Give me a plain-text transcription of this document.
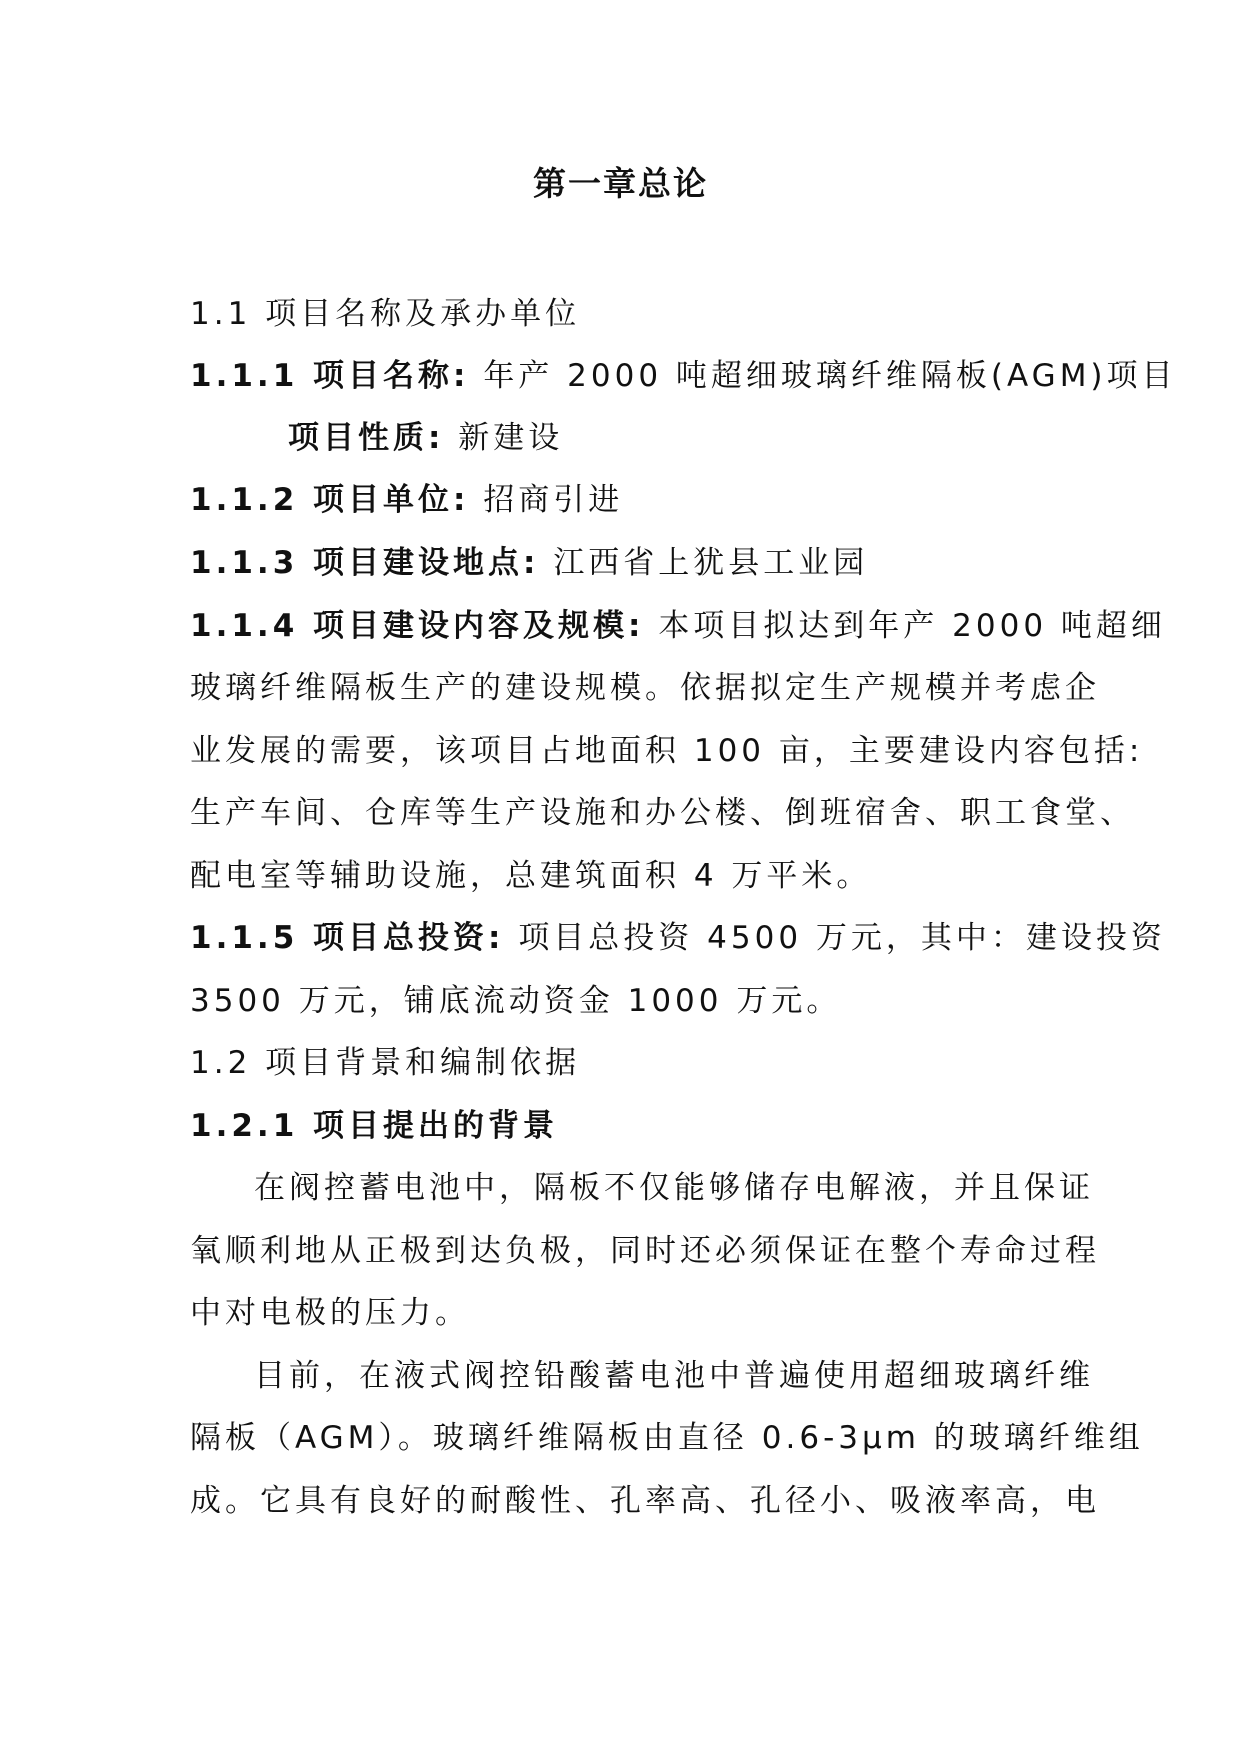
第一章总论
1.1 项目名称及承办单位
1.1.1 项目名称: 年产 2000 吨超细玻璃纤维隔板(AGM)项目
项目性质: 新建设
1.1.2 项目单位: 招商引进
1.1.3 项目建设地点: 江西省上犹县工业园
1.1.4 项目建设内容及规模: 本项目拟达到年产 2000 吨超细
玻璃纤维隔板生产的建设规模。依据拟定生产规模并考虑企
业发展的需要，该项目占地面积 100 亩，主要建设内容包括:
生产车间、仓库等生产设施和办公楼、倒班宿舍、职工食堂、
配电室等辅助设施，总建筑面积 4 万平米。
1.1.5 项目总投资: 项目总投资 4500 万元，其中：建设投资
3500 万元，铺底流动资金 1000 万元。
1.2 项目背景和编制依据
1.2.1 项目提出的背景
在阀控蓄电池中，隔板不仅能够储存电解液，并且保证
氧顺利地从正极到达负极，同时还必须保证在整个寿命过程
中对电极的压力。
目前，在液式阀控铅酸蓄电池中普遍使用超细玻璃纤维
隔板（AGM）。玻璃纤维隔板由直径 0.6-3μm 的玻璃纤维组
成。它具有良好的耐酸性、孔率高、孔径小、吸液率高，电
